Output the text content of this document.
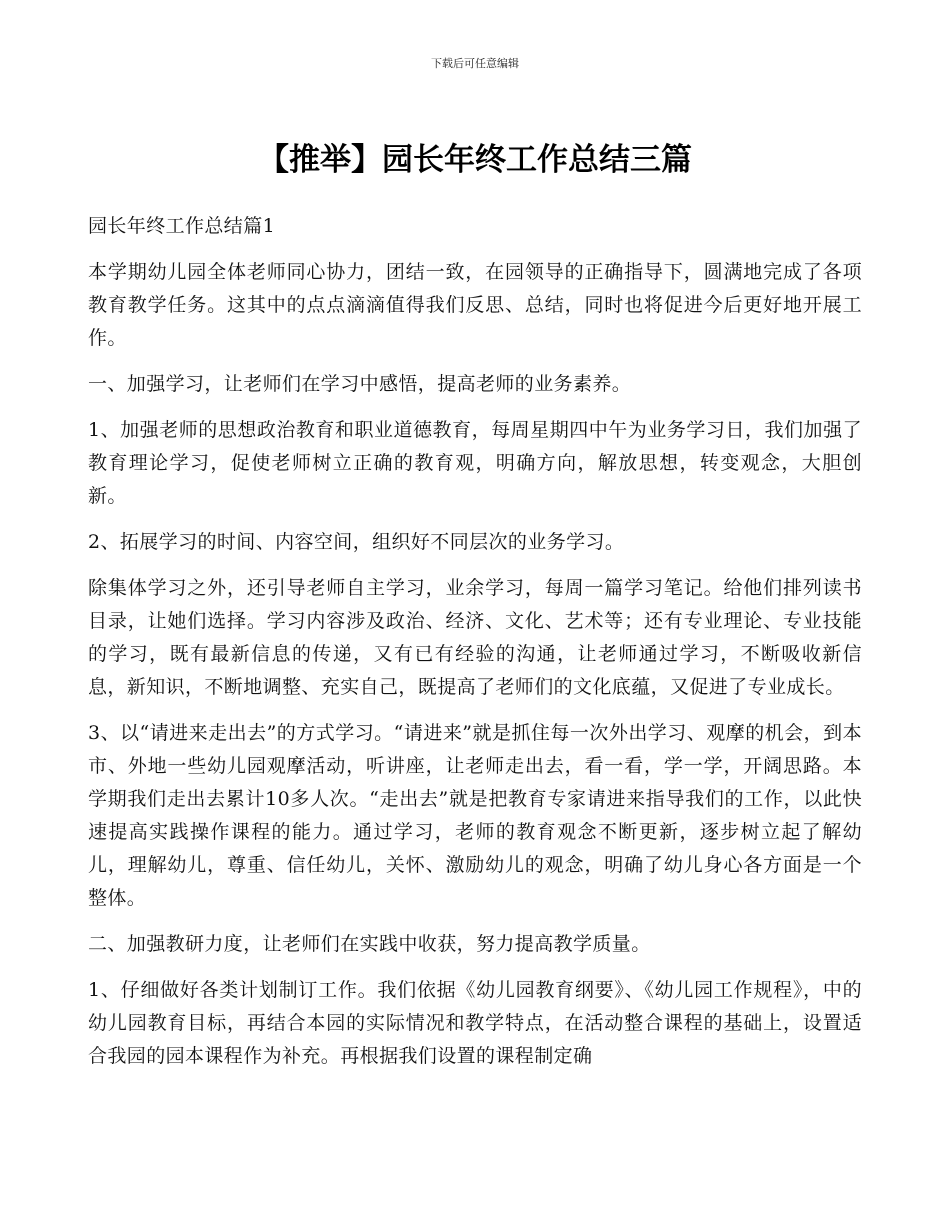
下载后可任意编辑
【推举】园长年终工作总结三篇

园长年终工作总结篇1

本学期幼儿园全体老师同心协力，团结一致，在园领导的正确指导下，圆满地完成了各项教育教学任务。这其中的点点滴滴值得我们反思、总结，同时也将促进今后更好地开展工作。

一、加强学习，让老师们在学习中感悟，提高老师的业务素养。

1、加强老师的思想政治教育和职业道德教育，每周星期四中午为业务学习日，我们加强了教育理论学习，促使老师树立正确的教育观，明确方向，解放思想，转变观念，大胆创新。

2、拓展学习的时间、内容空间，组织好不同层次的业务学习。

除集体学习之外，还引导老师自主学习，业余学习，每周一篇学习笔记。给他们排列读书目录，让她们选择。学习内容涉及政治、经济、文化、艺术等；还有专业理论、专业技能的学习，既有最新信息的传递，又有已有经验的沟通，让老师通过学习，不断吸收新信息，新知识，不断地调整、充实自己，既提高了老师们的文化底蕴，又促进了专业成长。

3、以“请进来走出去”的方式学习。“请进来”就是抓住每一次外出学习、观摩的机会，到本市、外地一些幼儿园观摩活动，听讲座，让老师走出去，看一看，学一学，开阔思路。本学期我们走出去累计10多人次。“走出去”就是把教育专家请进来指导我们的工作，以此快速提高实践操作课程的能力。通过学习，老师的教育观念不断更新，逐步树立起了解幼儿，理解幼儿，尊重、信任幼儿，关怀、激励幼儿的观念，明确了幼儿身心各方面是一个整体。

二、加强教研力度，让老师们在实践中收获，努力提高教学质量。

1、仔细做好各类计划制订工作。我们依据《幼儿园教育纲要》、《幼儿园工作规程》，中的幼儿园教育目标，再结合本园的实际情况和教学特点，在活动整合课程的基础上，设置适合我园的园本课程作为补充。再根据我们设置的课程制定确
